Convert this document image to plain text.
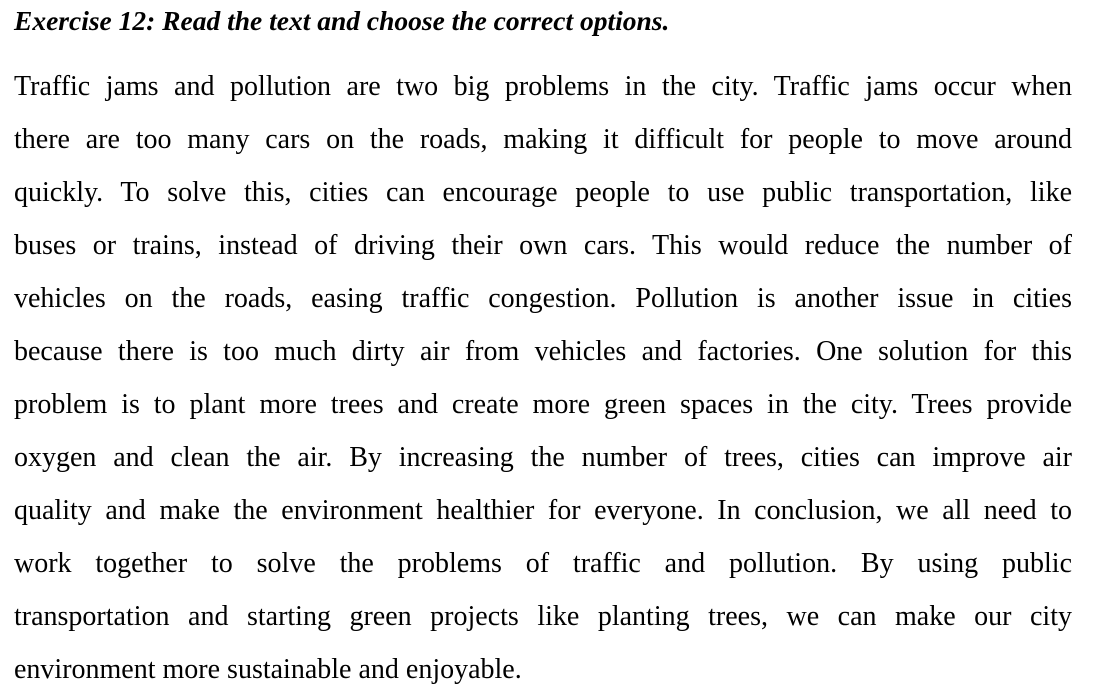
Exercise 12: Read the text and choose the correct options.
Traffic jams and pollution are two big problems in the city. Traffic jams occur when
there are too many cars on the roads, making it difficult for people to move around
quickly. To solve this, cities can encourage people to use public transportation, like
buses or trains, instead of driving their own cars. This would reduce the number of
vehicles on the roads, easing traffic congestion. Pollution is another issue in cities
because there is too much dirty air from vehicles and factories. One solution for this
problem is to plant more trees and create more green spaces in the city. Trees provide
oxygen and clean the air. By increasing the number of trees, cities can improve air
quality and make the environment healthier for everyone. In conclusion, we all need to
work together to solve the problems of traffic and pollution. By using public
transportation and starting green projects like planting trees, we can make our city
environment more sustainable and enjoyable.
